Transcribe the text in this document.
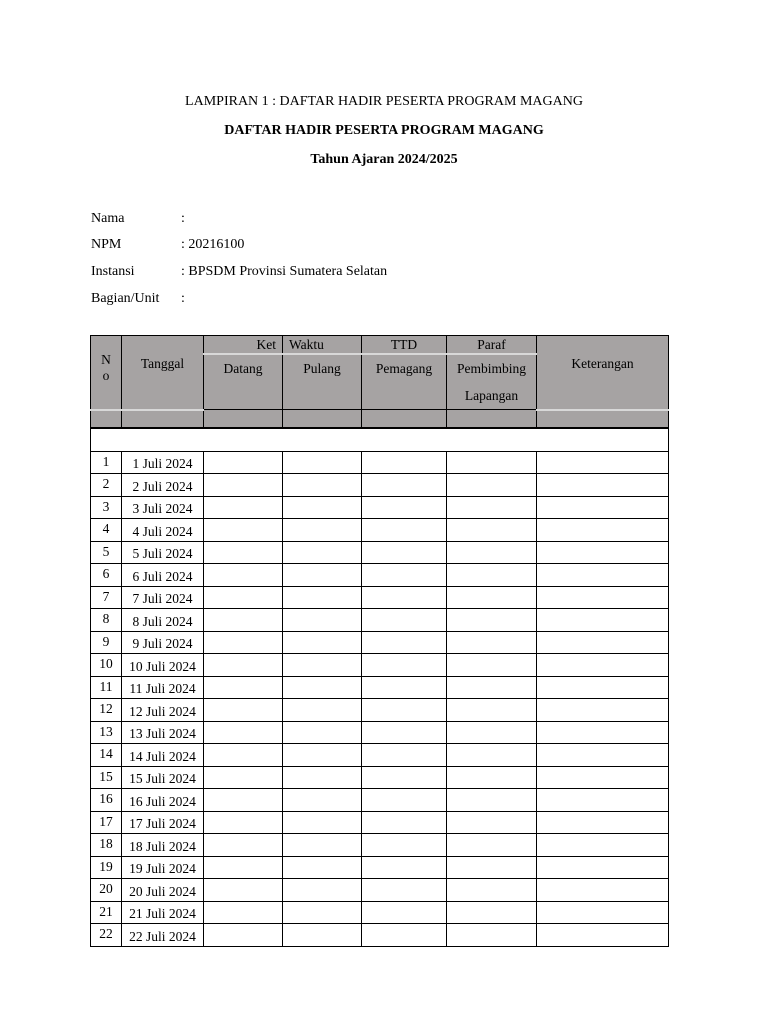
LAMPIRAN 1 : DAFTAR HADIR PESERTA PROGRAM MAGANG
DAFTAR HADIR PESERTA PROGRAM MAGANG
Tahun Ajaran 2024/2025
Nama	:
NPM	: 20216100
Instansi	: BPSDM Provinsi Sumatera Selatan
Bagian/Unit :
N
o	Tanggal	Ket	Waktu	TTD	Paraf	Keterangan
		Datang	Pulang	Pemagang	Pembimbing
Lapangan	

1	1 Juli 2024					
2	2 Juli 2024					
3	3 Juli 2024					
4	4 Juli 2024					
5	5 Juli 2024					
6	6 Juli 2024					
7	7 Juli 2024					
8	8 Juli 2024					
9	9 Juli 2024					
10	10 Juli 2024					
11	11 Juli 2024					
12	12 Juli 2024					
13	13 Juli 2024					
14	14 Juli 2024					
15	15 Juli 2024					
16	16 Juli 2024					
17	17 Juli 2024					
18	18 Juli 2024					
19	19 Juli 2024					
20	20 Juli 2024					
21	21 Juli 2024					
22	22 Juli 2024					
